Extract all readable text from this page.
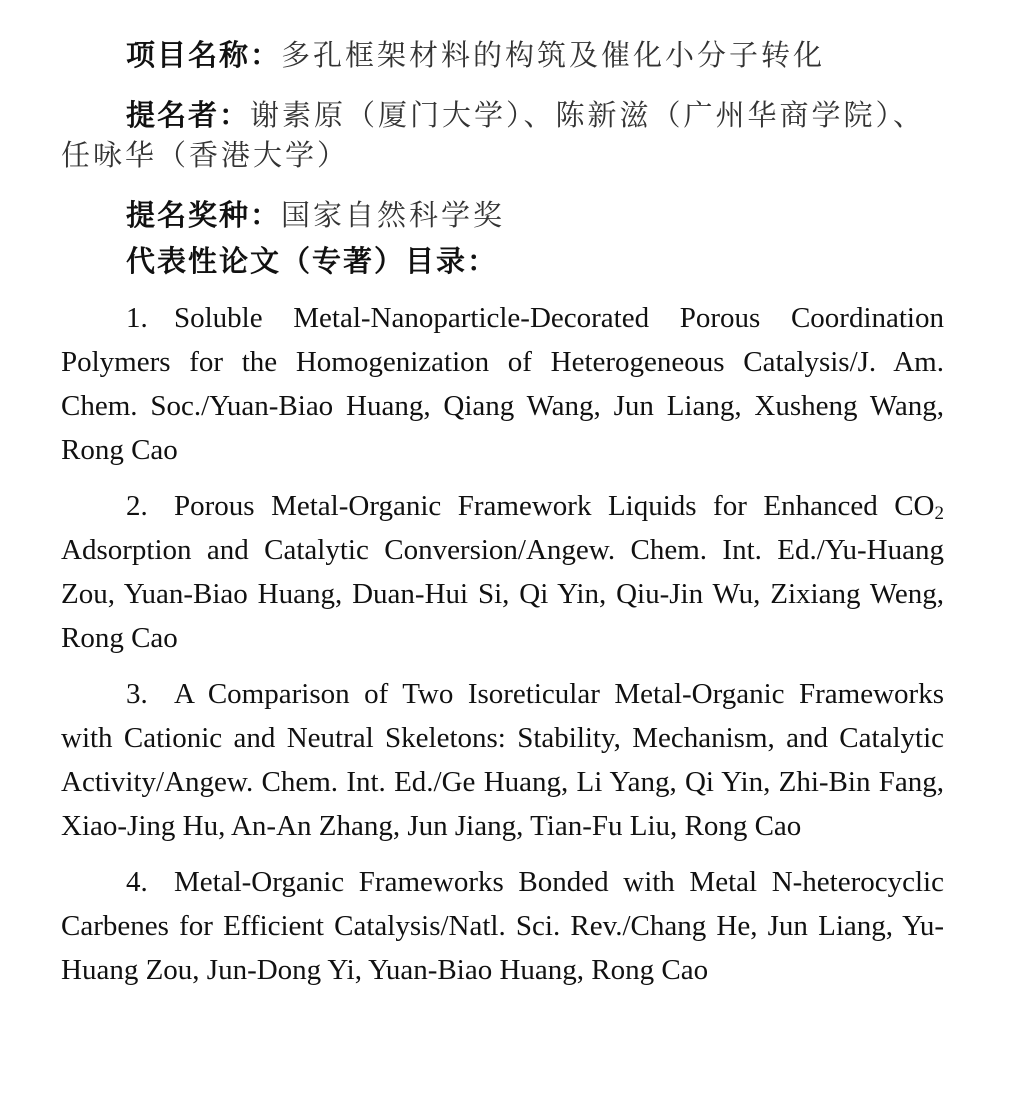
项目名称：多孔框架材料的构筑及催化小分子转化

提名者：谢素原（厦门大学）、陈新滋（广州华商学院）、任咏华（香港大学）

提名奖种：国家自然科学奖

代表性论文（专著）目录：

1. Soluble Metal-Nanoparticle-Decorated Porous Coordination Polymers for the Homogenization of Heterogeneous Catalysis/J. Am. Chem. Soc./Yuan-Biao Huang, Qiang Wang, Jun Liang, Xusheng Wang, Rong Cao

2. Porous Metal-Organic Framework Liquids for Enhanced $CO_2$ Adsorption and Catalytic Conversion/Angew. Chem. Int. Ed./Yu-Huang Zou, Yuan-Biao Huang, Duan-Hui Si, Qi Yin, Qiu-Jin Wu, Zixiang Weng, Rong Cao

3. A Comparison of Two Isoreticular Metal-Organic Frameworks with Cationic and Neutral Skeletons: Stability, Mechanism, and Catalytic Activity/Angew. Chem. Int. Ed./Ge Huang, Li Yang, Qi Yin, Zhi-Bin Fang, Xiao-Jing Hu, An-An Zhang, Jun Jiang, Tian-Fu Liu, Rong Cao

4. Metal-Organic Frameworks Bonded with Metal N-heterocyclic Carbenes for Efficient Catalysis/Natl. Sci. Rev./Chang He, Jun Liang, Yu-Huang Zou, Jun-Dong Yi, Yuan-Biao Huang, Rong Cao
